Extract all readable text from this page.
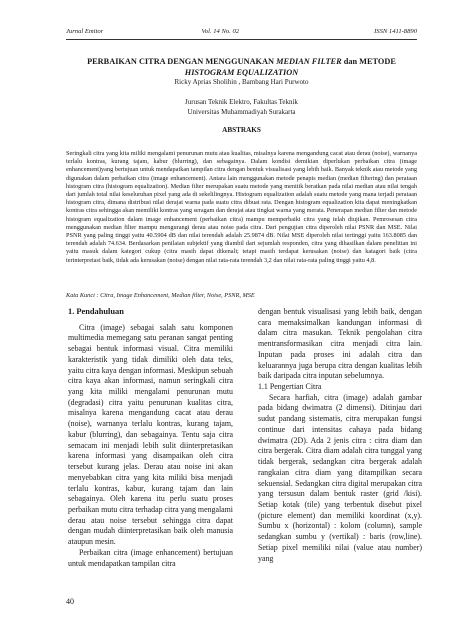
Jurnal Emitor	Vol. 14 No. 02	ISSN 1411-8890
PERBAIKAN CITRA DENGAN MENGGUNAKAN MEDIAN FILTER dan METODE
HISTOGRAM EQUALIZATION
Ricky Aprias Sholihin , Bambang Hari Purwoto
Jurusan Teknik Elektro, Fakultas Teknik
Universitas Muhammadiyah Surakarta
ABSTRAKS

Seringkali citra yang kita miliki mengalami penurunan mutu atau kualitas, misalnya karena mengandung cacat atau derau (noise), warnanya terlalu kontras, kurang tajam, kabur (blurring), dan sebagainya. Dalam kondisi demikian diperlukan perbaikan citra (image enhancement)yang bertujuan untuk mendapatkan tampilan citra dengan bentuk visualisasi yang lebih baik. Banyak teknik atau metode yang digunakan dalam perbaikan citra (image enhancement). Antara lain menggunakan metode penapis median (median filtering) dan perataan histogram citra (histogram equalization). Median filter merupakan suatu metode yang menitik beratkan pada nilai median atau nilai tengah dari jumlah total nilai keseluruhan pixel yang ada di sekelilingnya. Histogram equalization adalah suatu metode yang mana terjadi perataan histogram citra, dimana distribusi nilai derajat warna pada suatu citra dibuat rata. Dengan histogram equalization kita dapat meningkatkan kontras citra sehingga akan memiliki kontras yang seragam dan derajat atau tingkat warna yang merata. Penerapan median filter dan metode histogram equalization dalam image enhancement (perbaikan citra) mampu memperbaiki citra yang telah diujikan. Pemrosesan citra menggunakan median filter mampu mengurangi derau atau noise pada citra. Dari pengujian citra diperoleh nilai PSNR dan MSE. Nilai PSNR yang paling tinggi yaitu 40.5904 dB dan nilai terendah adalah 25.9874 dB. Nilai MSE diperoleh nilai tertinggi yaitu 163.8085 dan terendah adalah 74.634. Berdasarkan penilaian subjektif yang diambil dari sejumlah responden, citra yang dihasilkan dalam penelitian ini yaitu masuk dalam kategori cukup (citra masih dapat dikenali; tetapi masih terdapat kerusakan (noise) dan katagori baik (citra terinterpretasi baik, tidak ada kerusakan (noise) dengan nilai rata-rata terendah 3,2 dan nilai rata-rata paling tinggi yaitu 4,8.

Kata Kunci : Citra, Image Enhancement, Median filter, Noise, PSNR, MSE

1. Pendahuluan

Citra (image) sebagai salah satu komponen multimedia memegang satu peranan sangat penting sebagai bentuk informasi visual. Citra memiliki karakteristik yang tidak dimiliki oleh data teks, yaitu citra kaya dengan informasi. Meskipun sebuah citra kaya akan informasi, namun seringkali citra yang kita miliki mengalami penurunan mutu (degradasi) citra yaitu penurunan kualitas citra, misalnya karena mengandung cacat atau derau (noise), warnanya terlalu kontras, kurang tajam, kabur (blurring), dan sebagainya. Tentu saja citra semacam ini menjadi lebih sulit diinterpretasikan karena informasi yang disampaikan oleh citra tersebut kurang jelas. Derau atau noise ini akan menyebabkan citra yang kita miliki bisa menjadi terlalu kontras, kabur, kurang tajam dan lain sebagainya. Oleh karena itu perlu suatu proses perbaikan mutu citra terhadap citra yang mengalami derau atau noise tersebut sehingga citra dapat dengan mudah diinterpretasikan baik oleh manusia ataupun mesin.

Perbaikan citra (image enhancement) bertujuan untuk mendapatkan tampilan citra

dengan bentuk visualisasi yang lebih baik, dengan cara memaksimalkan kandungan informasi di dalam citra masukan. Teknik pengolahan citra mentransformasikan citra menjadi citra lain. Inputan pada proses ini adalah citra dan keluarannya juga berupa citra dengan kualitas lebih baik daripada citra inputan sebelumnya.

1.1 Pengertian Citra

Secara harfiah, citra (image) adalah gambar pada bidang dwimatra (2 dimensi). Ditinjau dari sudut pandang sistematis, citra merupakan fungsi continue dari intensitas cahaya pada bidang dwimatra (2D). Ada 2 jenis citra : citra diam dan citra bergerak. Citra diam adalah citra tunggal yang tidak bergerak, sedangkan citra bergerak adalah rangkaian citra diam yang ditampilkan secara sekuensial. Sedangkan citra digital merupakan citra yang tersusun dalam bentuk raster (grid /kisi). Setiap kotak (tile) yang terbentuk disebut pixel (picture element) dan memiliki koordinat (x,y). Sumbu x (horizontal) : kolom (column), sample sedangkan sumbu y (vertikal) : baris (row,line). Setiap pixel memiliki nilai (value atau number) yang

40
